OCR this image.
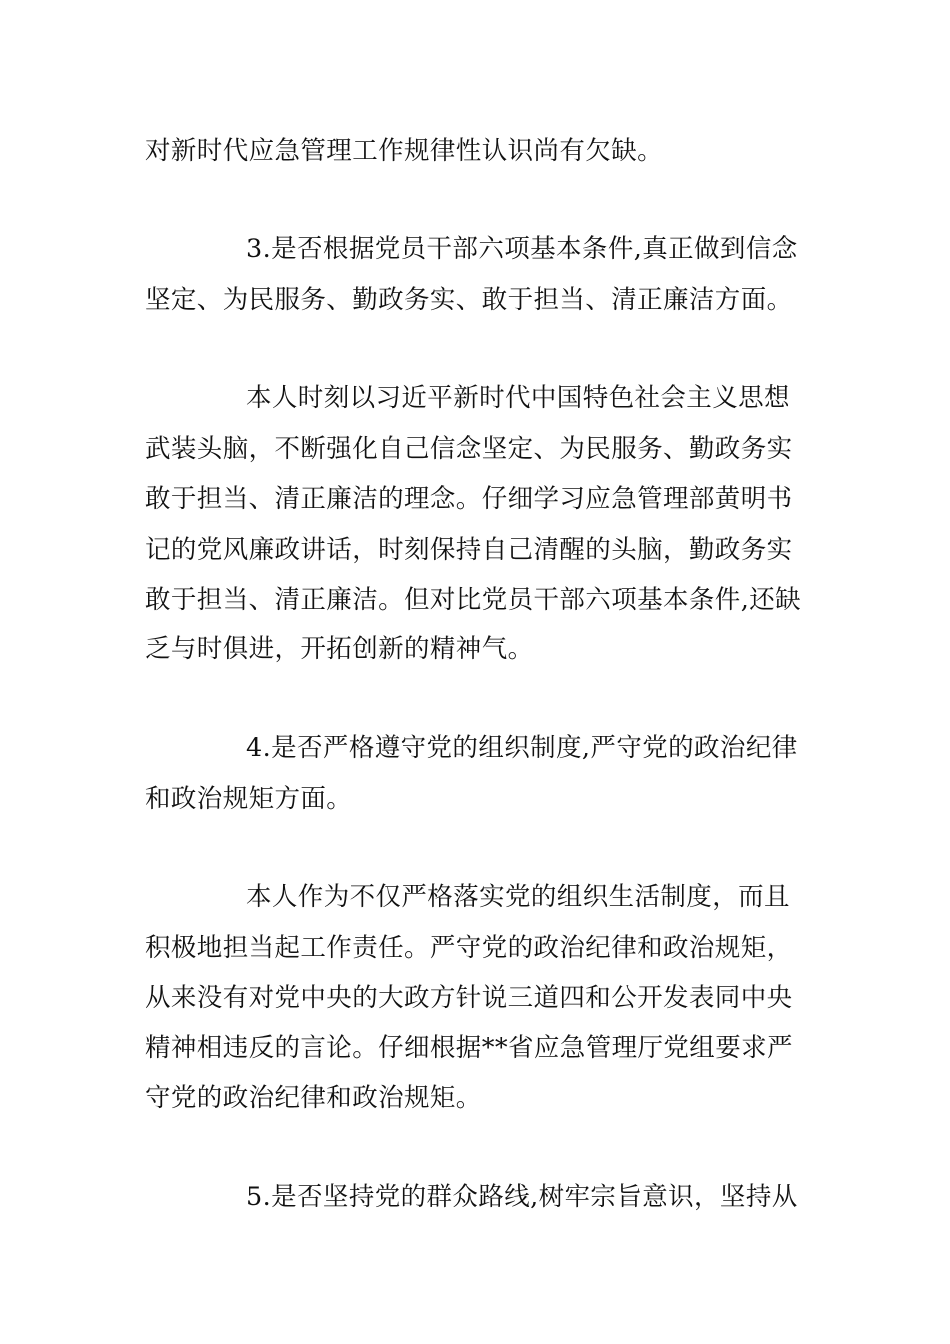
对新时代应急管理工作规律性认识尚有欠缺。
3.是否根据党员干部六项基本条件,真正做到信念
坚定、为民服务、勤政务实、敢于担当、清正廉洁方面。
本人时刻以习近平新时代中国特色社会主义思想
武装头脑，不断强化自己信念坚定、为民服务、勤政务实
敢于担当、清正廉洁的理念。仔细学习应急管理部黄明书
记的党风廉政讲话，时刻保持自己清醒的头脑，勤政务实
敢于担当、清正廉洁。但对比党员干部六项基本条件,还缺
乏与时俱进，开拓创新的精神气。
4.是否严格遵守党的组织制度,严守党的政治纪律
和政治规矩方面。
本人作为不仅严格落实党的组织生活制度，而且
积极地担当起工作责任。严守党的政治纪律和政治规矩，
从来没有对党中央的大政方针说三道四和公开发表同中央
精神相违反的言论。仔细根据**省应急管理厅党组要求严
守党的政治纪律和政治规矩。
5.是否坚持党的群众路线,树牢宗旨意识，坚持从
